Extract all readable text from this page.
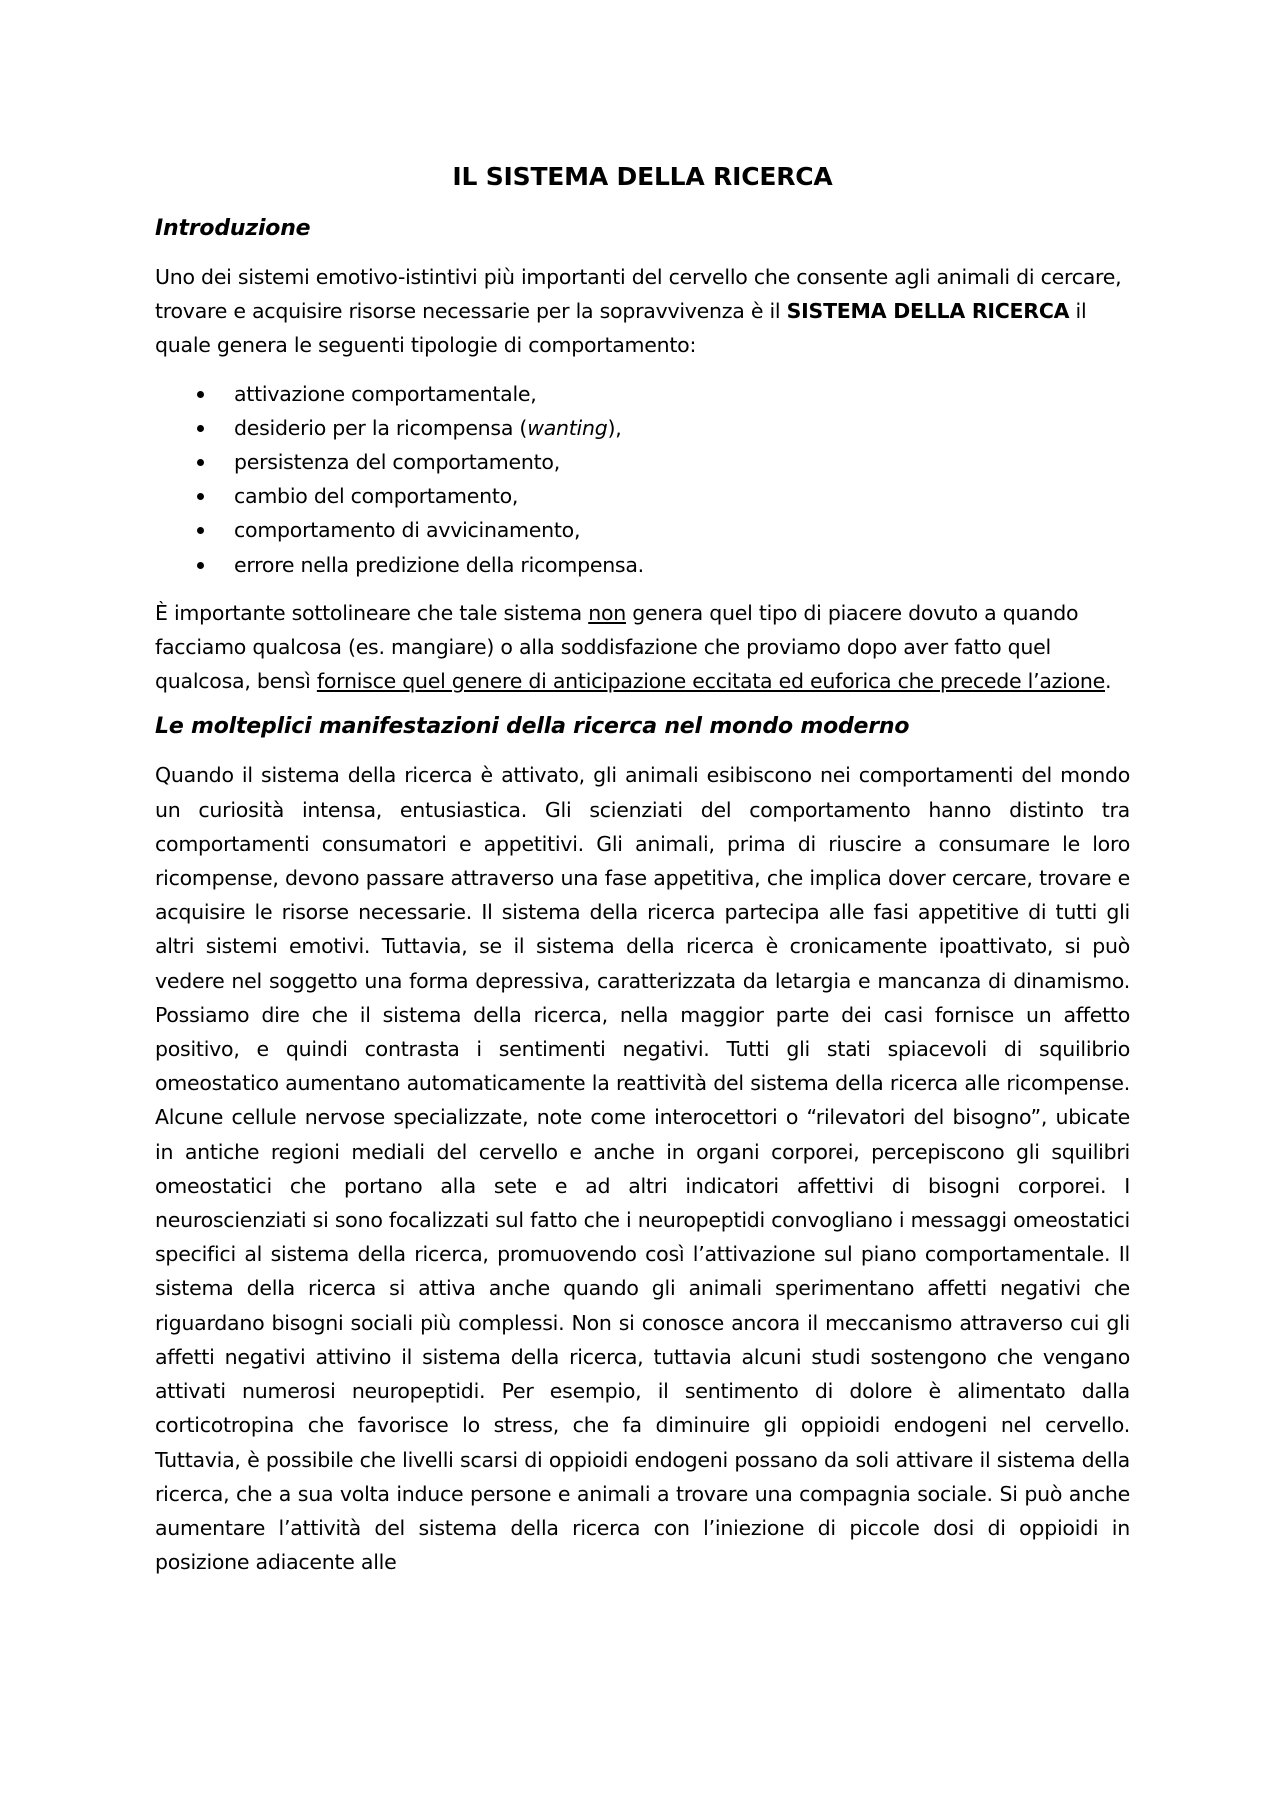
IL SISTEMA DELLA RICERCA
Introduzione

Uno dei sistemi emotivo-istintivi più importanti del cervello che consente agli animali di cercare, trovare e acquisire risorse necessarie per la sopravvivenza è il SISTEMA DELLA RICERCA il quale genera le seguenti tipologie di comportamento:

attivazione comportamentale,
desiderio per la ricompensa (wanting),
persistenza del comportamento,
cambio del comportamento,
comportamento di avvicinamento,
errore nella predizione della ricompensa.

È importante sottolineare che tale sistema non genera quel tipo di piacere dovuto a quando facciamo qualcosa (es. mangiare) o alla soddisfazione che proviamo dopo aver fatto quel qualcosa, bensì fornisce quel genere di anticipazione eccitata ed euforica che precede l’azione.

Le molteplici manifestazioni della ricerca nel mondo moderno

Quando il sistema della ricerca è attivato, gli animali esibiscono nei comportamenti del mondo un curiosità intensa, entusiastica. Gli scienziati del comportamento hanno distinto tra comportamenti consumatori e appetitivi. Gli animali, prima di riuscire a consumare le loro ricompense, devono passare attraverso una fase appetitiva, che implica dover cercare, trovare e acquisire le risorse necessarie. Il sistema della ricerca partecipa alle fasi appetitive di tutti gli altri sistemi emotivi. Tuttavia, se il sistema della ricerca è cronicamente ipoattivato, si può vedere nel soggetto una forma depressiva, caratterizzata da letargia e mancanza di dinamismo. Possiamo dire che il sistema della ricerca, nella maggior parte dei casi fornisce un affetto positivo, e quindi contrasta i sentimenti negativi. Tutti gli stati spiacevoli di squilibrio omeostatico aumentano automaticamente la reattività del sistema della ricerca alle ricompense. Alcune cellule nervose specializzate, note come interocettori o “rilevatori del bisogno”, ubicate in antiche regioni mediali del cervello e anche in organi corporei, percepiscono gli squilibri omeostatici che portano alla sete e ad altri indicatori affettivi di bisogni corporei. I neuroscienziati si sono focalizzati sul fatto che i neuropeptidi convogliano i messaggi omeostatici specifici al sistema della ricerca, promuovendo così l’attivazione sul piano comportamentale. Il sistema della ricerca si attiva anche quando gli animali sperimentano affetti negativi che riguardano bisogni sociali più complessi. Non si conosce ancora il meccanismo attraverso cui gli affetti negativi attivino il sistema della ricerca, tuttavia alcuni studi sostengono che vengano attivati numerosi neuropeptidi. Per esempio, il sentimento di dolore è alimentato dalla corticotropina che favorisce lo stress, che fa diminuire gli oppioidi endogeni nel cervello. Tuttavia, è possibile che livelli scarsi di oppioidi endogeni possano da soli attivare il sistema della ricerca, che a sua volta induce persone e animali a trovare una compagnia sociale. Si può anche aumentare l’attività del sistema della ricerca con l’iniezione di piccole dosi di oppioidi in posizione adiacente alle
